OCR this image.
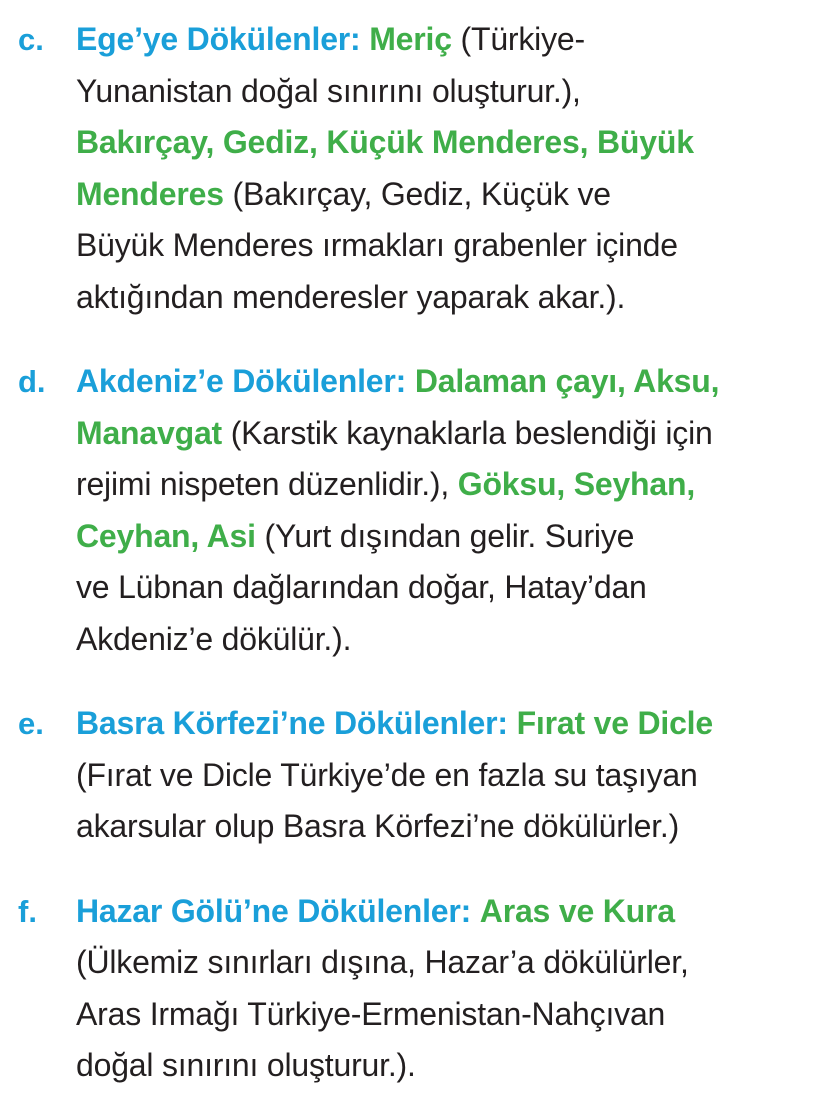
c.	Ege’ye Dökülenler: Meriç (Türkiye-
Yunanistan doğal sınırını oluşturur.),
Bakırçay, Gediz, Küçük Menderes, Büyük
Menderes (Bakırçay, Gediz, Küçük ve
Büyük Menderes ırmakları grabenler içinde
aktığından menderesler yaparak akar.).
d. Akdeniz’e Dökülenler: Dalaman çayı, Aksu,
Manavgat (Karstik kaynaklarla beslendiği için
rejimi nispeten düzenlidir.), Göksu, Seyhan,
Ceyhan, Asi (Yurt dışından gelir. Suriye
ve Lübnan dağlarından doğar, Hatay’dan
Akdeniz’e dökülür.).
e.	Basra Körfezi’ne Dökülenler: Fırat ve Dicle
(Fırat ve Dicle Türkiye’de en fazla su taşıyan
akarsular olup Basra Körfezi’ne dökülürler.)
f.	Hazar Gölü’ne Dökülenler: Aras ve Kura
(Ülkemiz sınırları dışına, Hazar’a dökülürler,
Aras Irmağı Türkiye-Ermenistan-Nahçıvan
doğal sınırını oluşturur.).
